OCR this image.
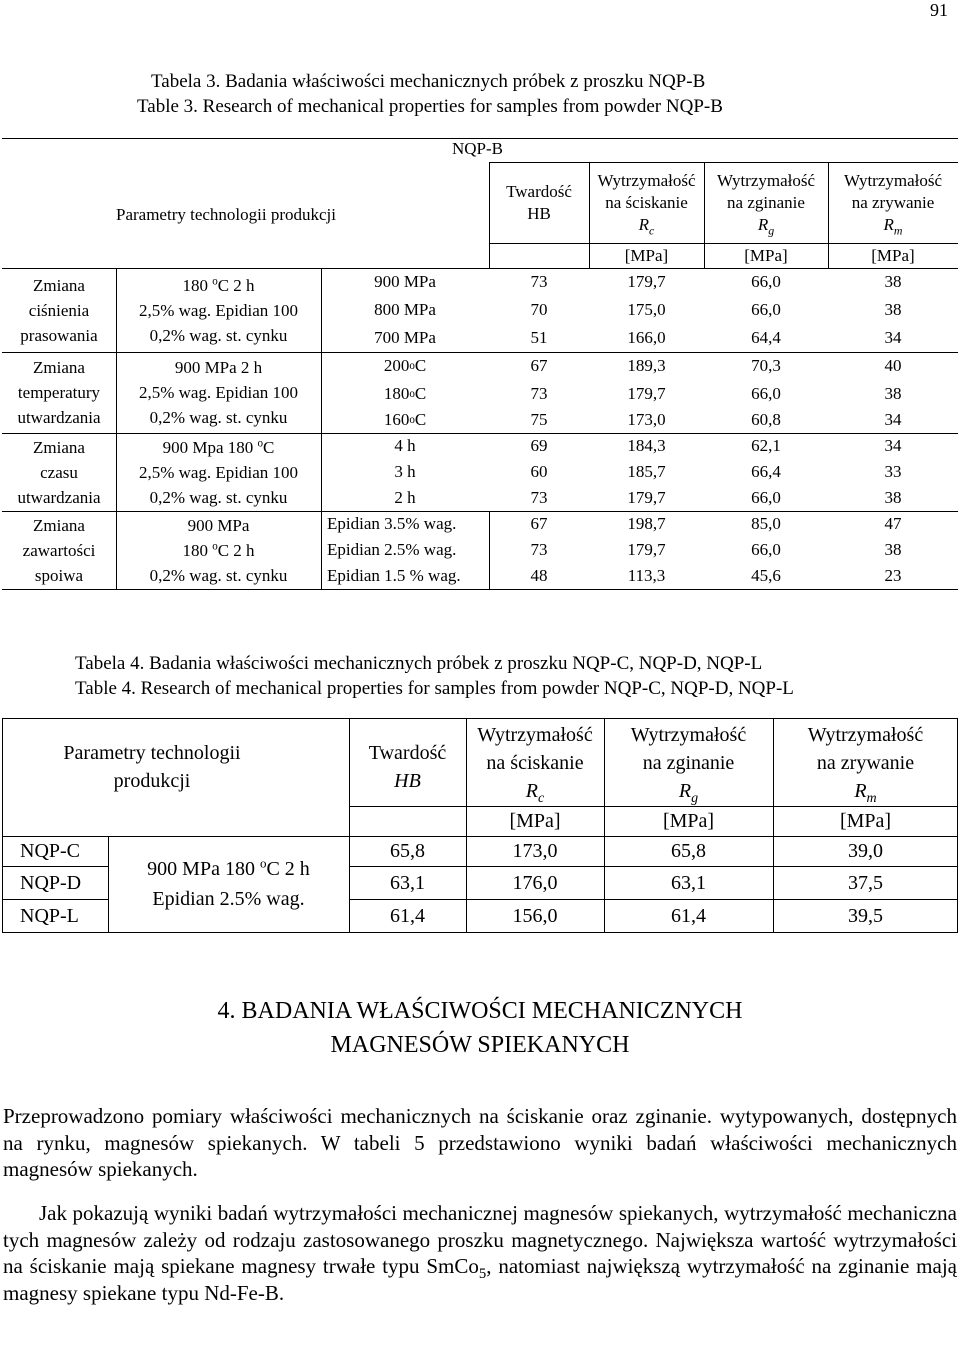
91
Tabela 3. Badania właściwości mechanicznych próbek z proszku NQP-B
Table 3. Research of mechanical properties for samples from powder NQP-B
NQP-B
Parametry technologii produkcji
Twardość
HB
Wytrzymałość
na ściskanie
$R_c$
Wytrzymałość
na zginanie
$R_g$
Wytrzymałość
na zrywanie
$R_m$
[MPa]	[MPa]	[MPa]
Zmiana
ciśnienia
prasowania
180 $^o$C 2 h
2,5% wag. Epidian 100
0,2% wag. st. cynku
900 MPa	73	179,7	66,0	38
800 MPa	70	175,0	66,0	38
700 MPa	51	166,0	64,4	34
Zmiana
temperatury
utwardzania
900 MPa 2 h
2,5% wag. Epidian 100
0,2% wag. st. cynku
200 o C	67	189,3	70,3	40
180 o C	73	179,7	66,0	38
160 o C	75	173,0	60,8	34
Zmiana
czasu
utwardzania
900 Mpa 180 $^o$C
2,5% wag. Epidian 100
0,2% wag. st. cynku
4 h	69	184,3	62,1	34
3 h	60	185,7	66,4	33
2 h	73	179,7	66,0	38
Zmiana
zawartości
spoiwa
900 MPa
180 $^o$C 2 h
0,2% wag. st. cynku
Epidian 3.5% wag.	67	198,7	85,0	47
Epidian 2.5% wag.	73	179,7	66,0	38
Epidian 1.5 % wag.	48	113,3	45,6	23
Tabela 4. Badania właściwości mechanicznych próbek z proszku NQP-C, NQP-D, NQP-L
Table 4. Research of mechanical properties for samples from powder NQP-C, NQP-D, NQP-L
Parametry technologii
produkcji
Twardość
HB
Wytrzymałość
na ściskanie
$R_c$
Wytrzymałość
na zginanie
$R_g$
Wytrzymałość
na zrywanie
$R_m$
[MPa]	[MPa]	[MPa]
NQP-C	65,8	173,0	65,8	39,0
NQP-D	63,1	176,0	63,1	37,5
NQP-L	61,4	156,0	61,4	39,5
900 MPa 180 $^o$C 2 h
Epidian 2.5% wag.
4. BADANIA WŁAŚCIWOŚCI MECHANICZNYCH
MAGNESÓW SPIEKANYCH

Przeprowadzono pomiary właściwości mechanicznych na ściskanie oraz zginanie. wytypowanych, dostępnych na rynku, magnesów spiekanych. W tabeli 5 przedstawiono wyniki badań właściwości mechanicznych magnesów spiekanych.

Jak pokazują wyniki badań wytrzymałości mechanicznej magnesów spiekanych, wytrzymałość mechaniczna tych magnesów zależy od rodzaju zastosowanego proszku magnetycznego. Największa wartość wytrzymałości na ściskanie mają spiekane magnesy trwałe typu SmCo$_5$, natomiast największą wytrzymałość na zginanie mają magnesy spiekane typu Nd-Fe-B.
